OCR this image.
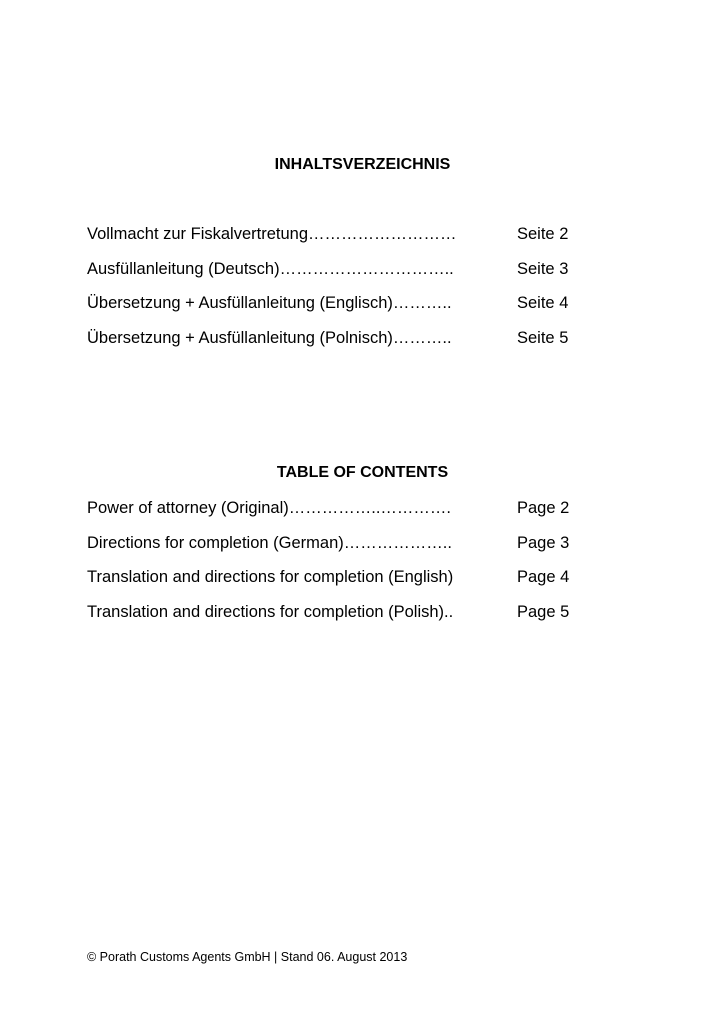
INHALTSVERZEICHNIS
Vollmacht zur Fiskalvertretung………………………	Seite 2
Ausfüllanleitung (Deutsch)…………………………..	Seite 3
Übersetzung + Ausfüllanleitung (Englisch)………..	Seite 4
Übersetzung + Ausfüllanleitung (Polnisch)………..	Seite 5
TABLE OF CONTENTS
Power of attorney (Original)……………..………….	Page 2
Directions for completion (German)………………..	Page 3
Translation and directions for completion (English)	Page 4
Translation and directions for completion (Polish)..	Page 5
© Porath Customs Agents GmbH | Stand 06. August 2013
